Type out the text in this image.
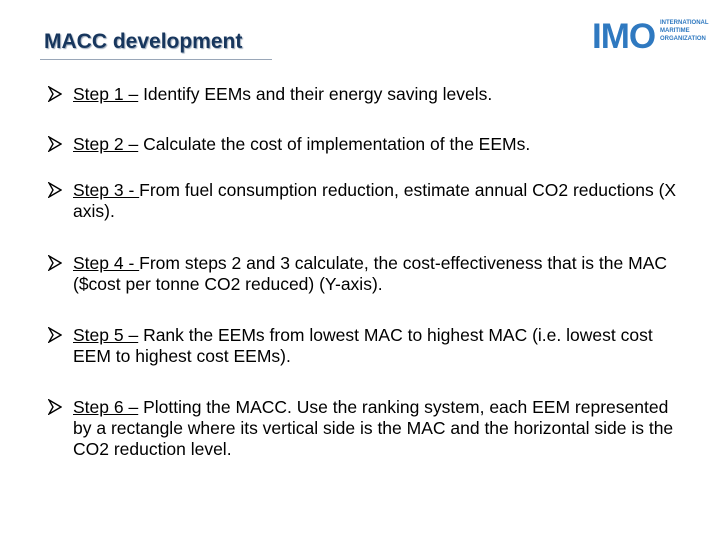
MACC development	IMO INTERNATIONAL
MARITIME
ORGANIZATION
Step 1 – Identify EEMs and their energy saving levels.
Step 2 – Calculate the cost of implementation of the EEMs.
Step 3 - From fuel consumption reduction, estimate annual CO2 reductions (X axis).
Step 4 - From steps 2 and 3 calculate, the cost-effectiveness that is the MAC ($cost per tonne CO2 reduced) (Y-axis).
Step 5 – Rank the EEMs from lowest MAC to highest MAC (i.e. lowest cost EEM to highest cost EEMs).
Step 6 – Plotting the MACC. Use the ranking system, each EEM represented by a rectangle where its vertical side is the MAC and the horizontal side is the CO2 reduction level.
